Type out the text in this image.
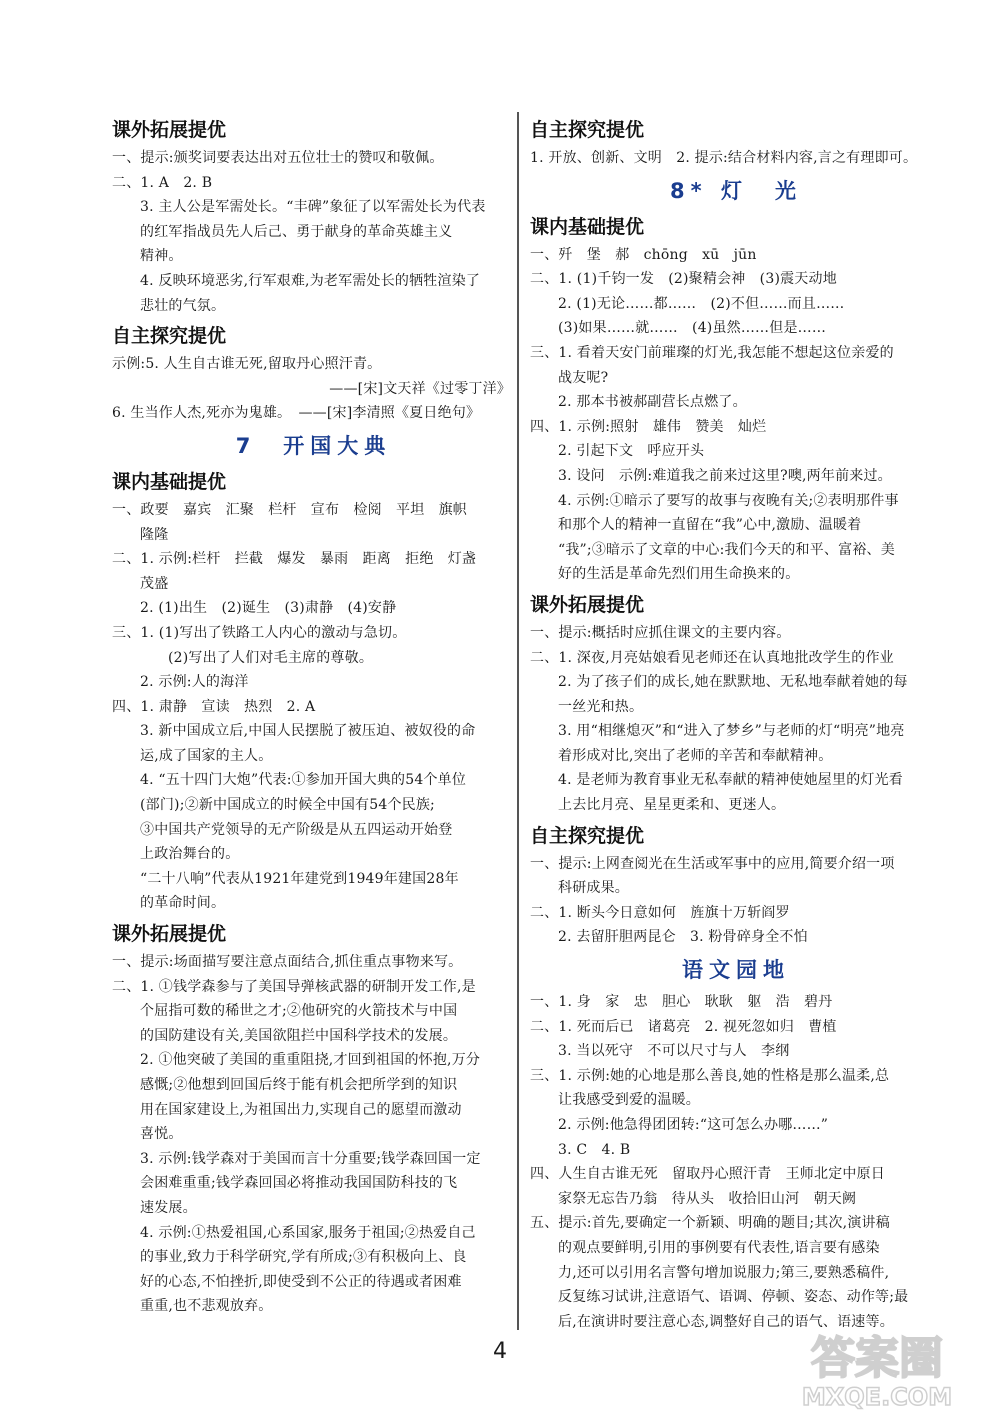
课外拓展提优
一、提示:颁奖词要表达出对五位壮士的赞叹和敬佩。
二、1. A　2. B
3. 主人公是军需处长。“丰碑”象征了以军需处长为代表
的红军指战员先人后己、勇于献身的革命英雄主义
精神。
4. 反映环境恶劣,行军艰难,为老军需处长的牺牲渲染了
悲壮的气氛。
自主探究提优
示例:5. 人生自古谁无死,留取丹心照汗青。
——[宋]文天祥《过零丁洋》
6. 生当作人杰,死亦为鬼雄。　——[宋]李清照《夏日绝句》
7　开国大典
课内基础提优
一、政要　嘉宾　汇聚　栏杆　宣布　检阅　平坦　旗帜
隆隆
二、1. 示例:栏杆　拦截　爆发　暴雨　距离　拒绝　灯盏
茂盛
2. (1)出生　(2)诞生　(3)肃静　(4)安静
三、1. (1)写出了铁路工人内心的激动与急切。
(2)写出了人们对毛主席的尊敬。
2. 示例:人的海洋
四、1. 肃静　宣读　热烈　2. A
3. 新中国成立后,中国人民摆脱了被压迫、被奴役的命
运,成了国家的主人。
4. “五十四门大炮”代表:①参加开国大典的54个单位
(部门);②新中国成立的时候全中国有54个民族;
③中国共产党领导的无产阶级是从五四运动开始登
上政治舞台的。
“二十八响”代表从1921年建党到1949年建国28年
的革命时间。
课外拓展提优
一、提示:场面描写要注意点面结合,抓住重点事物来写。
二、1. ①钱学森参与了美国导弹核武器的研制开发工作,是
个屈指可数的稀世之才;②他研究的火箭技术与中国
的国防建设有关,美国欲阻拦中国科学技术的发展。
2. ①他突破了美国的重重阻挠,才回到祖国的怀抱,万分
感慨;②他想到回国后终于能有机会把所学到的知识
用在国家建设上,为祖国出力,实现自己的愿望而激动
喜悦。
3. 示例:钱学森对于美国而言十分重要;钱学森回国一定
会困难重重;钱学森回国必将推动我国国防科技的飞
速发展。
4. 示例:①热爱祖国,心系国家,服务于祖国;②热爱自己
的事业,致力于科学研究,学有所成;③有积极向上、良
好的心态,不怕挫折,即使受到不公正的待遇或者困难
重重,也不悲观放弃。
自主探究提优
1. 开放、创新、文明　2. 提示:结合材料内容,言之有理即可。
8* 灯　光
课内基础提优
一、歼　堡　郝　chōng　xū　jūn
二、1. (1)千钧一发　(2)聚精会神　(3)震天动地
2. (1)无论……都……　(2)不但……而且……
(3)如果……就……　(4)虽然……但是……
三、1. 看着天安门前璀璨的灯光,我怎能不想起这位亲爱的
战友呢?
2. 那本书被郝副营长点燃了。
四、1. 示例:照射　雄伟　赞美　灿烂
2. 引起下文　呼应开头
3. 设问　示例:难道我之前来过这里?噢,两年前来过。
4. 示例:①暗示了要写的故事与夜晚有关;②表明那件事
和那个人的精神一直留在“我”心中,激励、温暖着
“我”;③暗示了文章的中心:我们今天的和平、富裕、美
好的生活是革命先烈们用生命换来的。
课外拓展提优
一、提示:概括时应抓住课文的主要内容。
二、1. 深夜,月亮姑娘看见老师还在认真地批改学生的作业
2. 为了孩子们的成长,她在默默地、无私地奉献着她的每
一丝光和热。
3. 用“相继熄灭”和“进入了梦乡”与老师的灯“明亮”地亮
着形成对比,突出了老师的辛苦和奉献精神。
4. 是老师为教育事业无私奉献的精神使她屋里的灯光看
上去比月亮、星星更柔和、更迷人。
自主探究提优
一、提示:上网查阅光在生活或军事中的应用,简要介绍一项
科研成果。
二、1. 断头今日意如何　旌旗十万斩阎罗
2. 去留肝胆两昆仑　3. 粉骨碎身全不怕
语文园地
一、1. 身　家　忠　胆心　耿耿　躯　浩　碧丹
二、1. 死而后已　诸葛亮　2. 视死忽如归　曹植
3. 当以死守　不可以尺寸与人　李纲
三、1. 示例:她的心地是那么善良,她的性格是那么温柔,总
让我感受到爱的温暖。
2. 示例:他急得团团转:“这可怎么办哪……”
3. C　4. B
四、人生自古谁无死　留取丹心照汗青　王师北定中原日
家祭无忘告乃翁　待从头　收拾旧山河　朝天阙
五、提示:首先,要确定一个新颖、明确的题目;其次,演讲稿
的观点要鲜明,引用的事例要有代表性,语言要有感染
力,还可以引用名言警句增加说服力;第三,要熟悉稿件,
反复练习试讲,注意语气、语调、停顿、姿态、动作等;最
后,在演讲时要注意心态,调整好自己的语气、语速等。
4	答案圈
MXQE.COM
